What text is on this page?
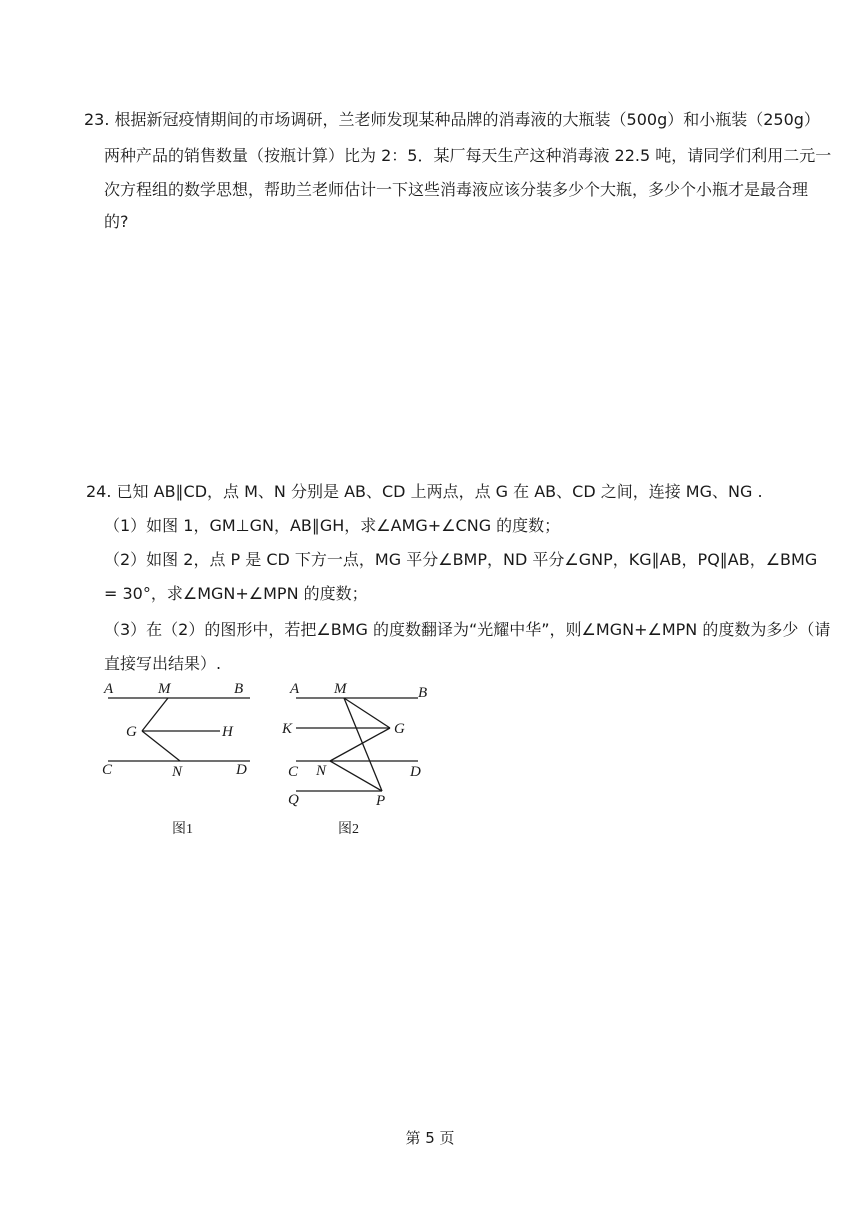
23. 根据新冠疫情期间的市场调研，兰老师发现某种品牌的消毒液的大瓶装（500g）和小瓶装（250g）
两种产品的销售数量（按瓶计算）比为 2：5．某厂每天生产这种消毒液 22.5 吨，请同学们利用二元一
次方程组的数学思想，帮助兰老师估计一下这些消毒液应该分装多少个大瓶，多少个小瓶才是最合理
的?
24. 已知 AB∥CD，点 M、N 分别是 AB、CD 上两点，点 G 在 AB、CD 之间，连接 MG、NG .
（1）如图 1，GM⊥GN，AB∥GH，求∠AMG+∠CNG 的度数；
（2）如图 2，点 P 是 CD 下方一点，MG 平分∠BMP，ND 平分∠GNP，KG∥AB，PQ∥AB，∠BMG
= 30°，求∠MGN+∠MPN 的度数；
（3）在（2）的图形中，若把∠BMG 的度数翻译为“光耀中华”，则∠MGN+∠MPN 的度数为多少（请
直接写出结果）.
A	M	B
G	H
C	N	D
图1
A M	B
K	G
C N	D
Q	P
图2
第 5 页
